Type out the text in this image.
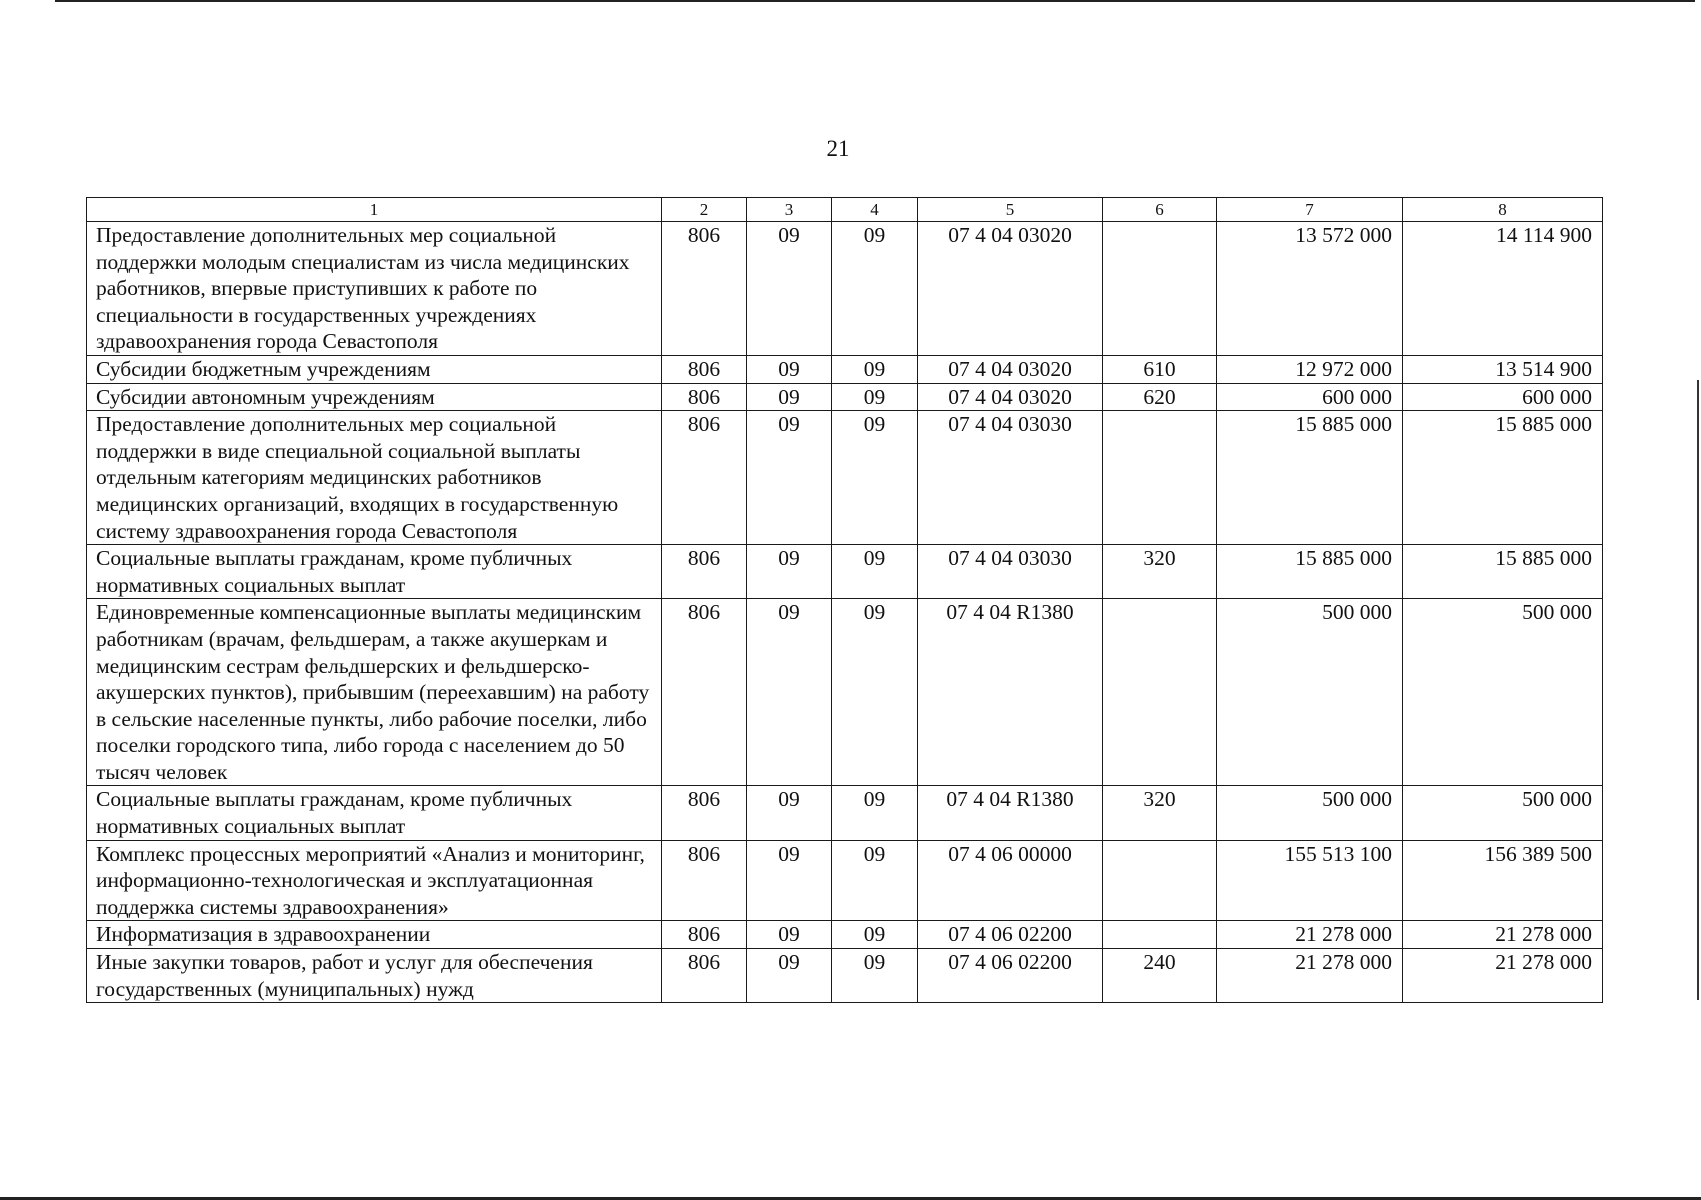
21
1	2	3	4	5	6	7	8
Предоставление дополнительных мер социальной поддержки молодым специалистам из числа медицинских работников, впервые приступивших к работе по специальности в государственных учреждениях здравоохранения города Севастополя	806	09	09	07 4 04 03020		13 572 000	14 114 900
Субсидии бюджетным учреждениям	806	09	09	07 4 04 03020	610	12 972 000	13 514 900
Субсидии автономным учреждениям	806	09	09	07 4 04 03020	620	600 000	600 000
Предоставление дополнительных мер социальной поддержки в виде специальной социальной выплаты отдельным категориям медицинских работников медицинских организаций, входящих в государственную систему здравоохранения города Севастополя	806	09	09	07 4 04 03030		15 885 000	15 885 000
Социальные выплаты гражданам, кроме публичных нормативных социальных выплат	806	09	09	07 4 04 03030	320	15 885 000	15 885 000
Единовременные компенсационные выплаты медицинским работникам (врачам, фельдшерам, а также акушеркам и медицинским сестрам фельдшерских и фельдшерско-акушерских пунктов), прибывшим (переехавшим) на работу в сельские населенные пункты, либо рабочие поселки, либо поселки городского типа, либо города с населением до 50 тысяч человек	806	09	09	07 4 04 R1380		500 000	500 000
Социальные выплаты гражданам, кроме публичных нормативных социальных выплат	806	09	09	07 4 04 R1380	320	500 000	500 000
Комплекс процессных мероприятий «Анализ и мониторинг, информационно-технологическая и эксплуатационная поддержка системы здравоохранения»	806	09	09	07 4 06 00000		155 513 100	156 389 500
Информатизация в здравоохранении	806	09	09	07 4 06 02200		21 278 000	21 278 000
Иные закупки товаров, работ и услуг для обеспечения государственных (муниципальных) нужд	806	09	09	07 4 06 02200	240	21 278 000	21 278 000
